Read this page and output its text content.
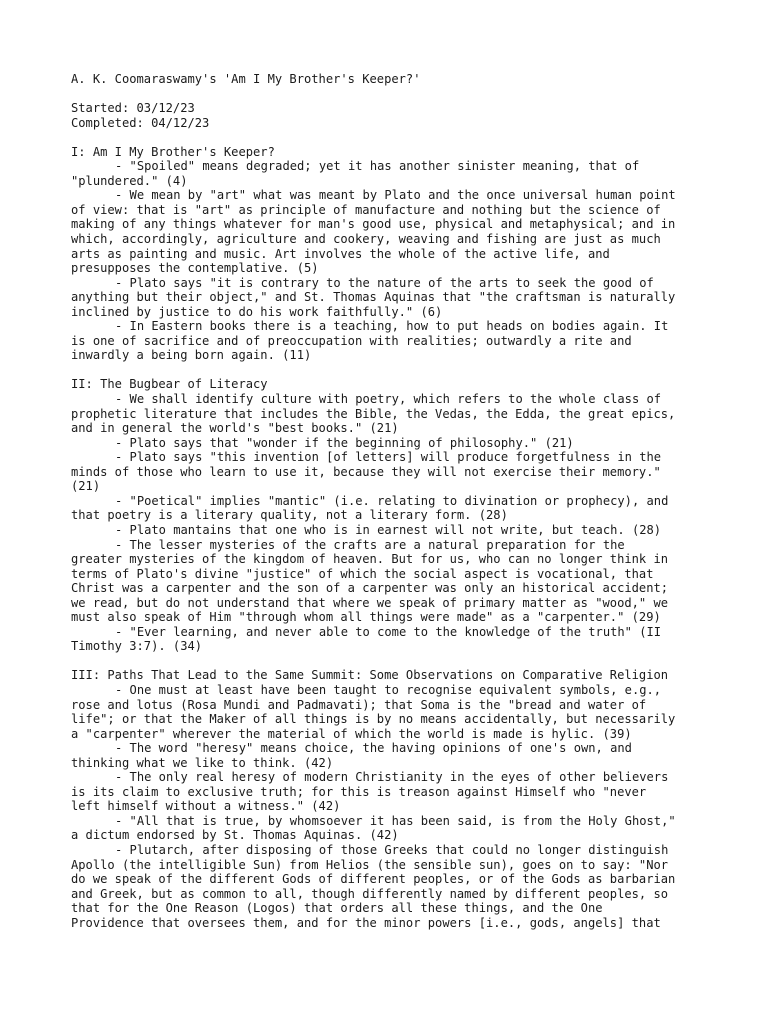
A. K. Coomaraswamy's 'Am I My Brother's Keeper?'
Started: 03/12/23
Completed: 04/12/23
I: Am I My Brother's Keeper?
- "Spoiled" means degraded; yet it has another sinister meaning, that of
"plundered." (4)
- We mean by "art" what was meant by Plato and the once universal human point
of view: that is "art" as principle of manufacture and nothing but the science of
making of any things whatever for man's good use, physical and metaphysical; and in
which, accordingly, agriculture and cookery, weaving and fishing are just as much
arts as painting and music. Art involves the whole of the active life, and
presupposes the contemplative. (5)
- Plato says "it is contrary to the nature of the arts to seek the good of
anything but their object," and St. Thomas Aquinas that "the craftsman is naturally
inclined by justice to do his work faithfully." (6)
- In Eastern books there is a teaching, how to put heads on bodies again. It
is one of sacrifice and of preoccupation with realities; outwardly a rite and
inwardly a being born again. (11)
II: The Bugbear of Literacy
- We shall identify culture with poetry, which refers to the whole class of
prophetic literature that includes the Bible, the Vedas, the Edda, the great epics,
and in general the world's "best books." (21)
- Plato says that "wonder if the beginning of philosophy." (21)
- Plato says "this invention [of letters] will produce forgetfulness in the
minds of those who learn to use it, because they will not exercise their memory."
(21)
- "Poetical" implies "mantic" (i.e. relating to divination or prophecy), and
that poetry is a literary quality, not a literary form. (28)
- Plato mantains that one who is in earnest will not write, but teach. (28)
- The lesser mysteries of the crafts are a natural preparation for the
greater mysteries of the kingdom of heaven. But for us, who can no longer think in
terms of Plato's divine "justice" of which the social aspect is vocational, that
Christ was a carpenter and the son of a carpenter was only an historical accident;
we read, but do not understand that where we speak of primary matter as "wood," we
must also speak of Him "through whom all things were made" as a "carpenter." (29)
- "Ever learning, and never able to come to the knowledge of the truth" (II
Timothy 3:7). (34)
III: Paths That Lead to the Same Summit: Some Observations on Comparative Religion
- One must at least have been taught to recognise equivalent symbols, e.g.,
rose and lotus (Rosa Mundi and Padmavati); that Soma is the "bread and water of
life"; or that the Maker of all things is by no means accidentally, but necessarily
a "carpenter" wherever the material of which the world is made is hylic. (39)
- The word "heresy" means choice, the having opinions of one's own, and
thinking what we like to think. (42)
- The only real heresy of modern Christianity in the eyes of other believers
is its claim to exclusive truth; for this is treason against Himself who "never
left himself without a witness." (42)
- "All that is true, by whomsoever it has been said, is from the Holy Ghost,"
a dictum endorsed by St. Thomas Aquinas. (42)
- Plutarch, after disposing of those Greeks that could no longer distinguish
Apollo (the intelligible Sun) from Helios (the sensible sun), goes on to say: "Nor
do we speak of the different Gods of different peoples, or of the Gods as barbarian
and Greek, but as common to all, though differently named by different peoples, so
that for the One Reason (Logos) that orders all these things, and the One
Providence that oversees them, and for the minor powers [i.e., gods, angels] that
